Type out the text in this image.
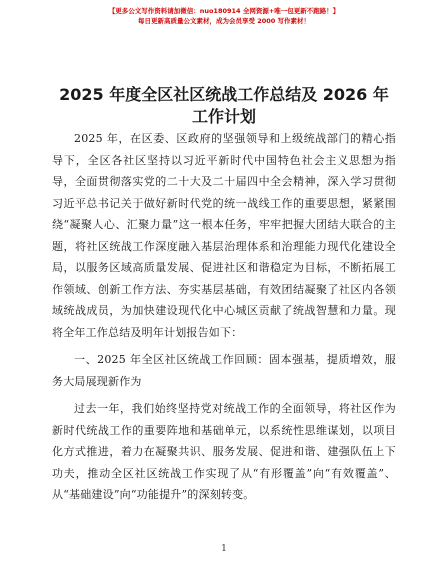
【更多公文写作资料请加微信：nuo180914 全网资源+唯一包更新不跑路！】
每日更新高质量公文素材，成为会员享受 2000 写作素材！
2025 年度全区社区统战工作总结及 2026 年工作计划

2025 年，在区委、区政府的坚强领导和上级统战部门的精心指导下，全区各社区坚持以习近平新时代中国特色社会主义思想为指导，全面贯彻落实党的二十大及二十届四中全会精神，深入学习贯彻习近平总书记关于做好新时代党的统一战线工作的重要思想，紧紧围绕“凝聚人心、汇聚力量”这一根本任务，牢牢把握大团结大联合的主题，将社区统战工作深度融入基层治理体系和治理能力现代化建设全局，以服务区域高质量发展、促进社区和谐稳定为目标，不断拓展工作领域、创新工作方法、夯实基层基础，有效团结凝聚了社区内各领域统战成员，为加快建设现代化中心城区贡献了统战智慧和力量。现将全年工作总结及明年计划报告如下：

一、2025 年全区社区统战工作回顾：固本强基，提质增效，服务大局展现新作为

过去一年，我们始终坚持党对统战工作的全面领导，将社区作为新时代统战工作的重要阵地和基础单元，以系统性思维谋划，以项目化方式推进，着力在凝聚共识、服务发展、促进和谐、建强队伍上下功夫，推动全区社区统战工作实现了从“有形覆盖”向“有效覆盖”、从“基础建设”向“功能提升”的深刻转变。

1
